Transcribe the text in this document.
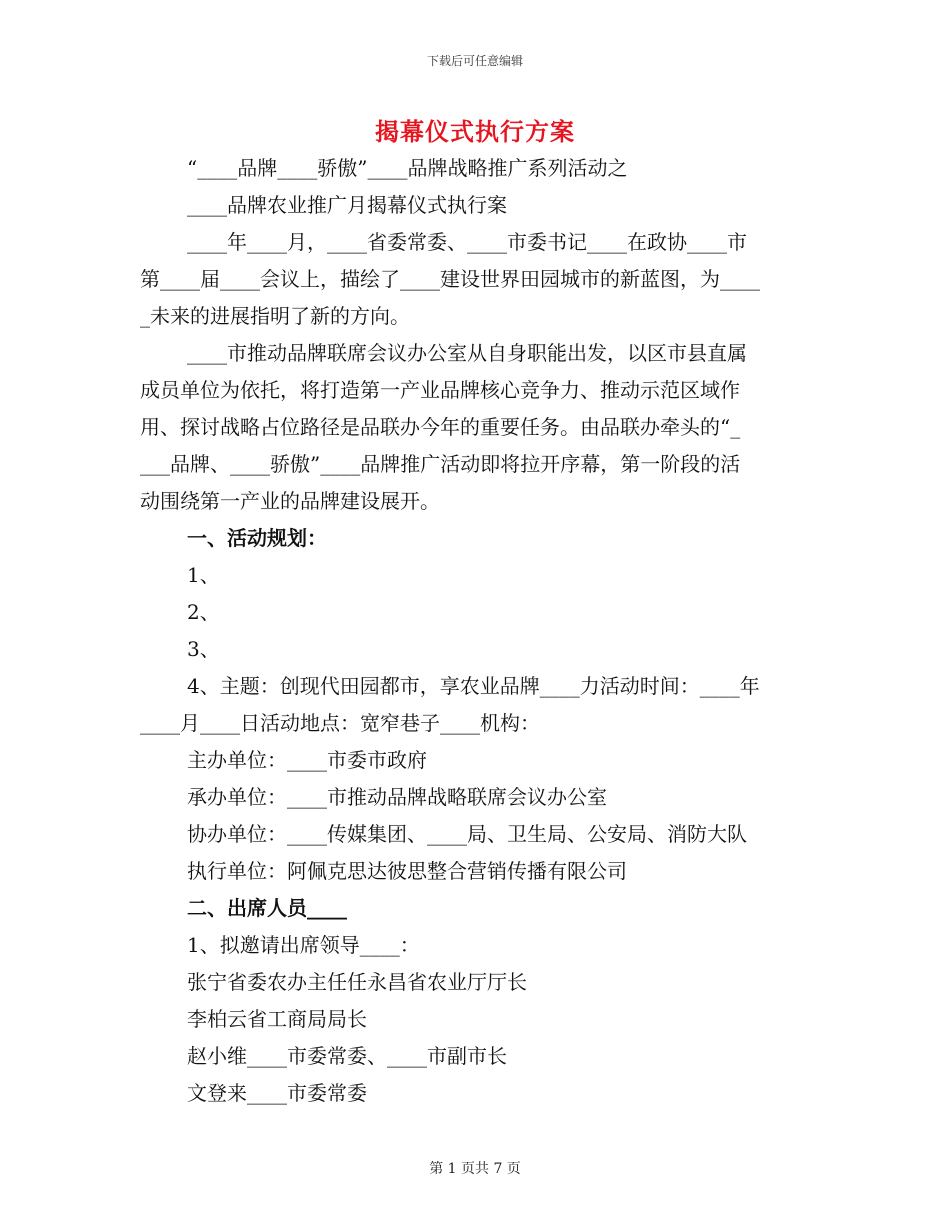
下载后可任意编辑
揭幕仪式执行方案
“____品牌____骄傲”____品牌战略推广系列活动之
____品牌农业推广月揭幕仪式执行案
____年____月，____省委常委、____市委书记____在政协____市
第____届____会议上，描绘了____建设世界田园城市的新蓝图，为____
_未来的进展指明了新的方向。
____市推动品牌联席会议办公室从自身职能出发，以区市县直属
成员单位为依托，将打造第一产业品牌核心竞争力、推动示范区域作
用、探讨战略占位路径是品联办今年的重要任务。由品联办牵头的“_
___品牌、____骄傲”____品牌推广活动即将拉开序幕，第一阶段的活
动围绕第一产业的品牌建设展开。
一、活动规划：
1、
2、
3、
4、主题：创现代田园都市，享农业品牌____力活动时间：____年
____月____日活动地点：宽窄巷子____机构：
主办单位：____市委市政府
承办单位：____市推动品牌战略联席会议办公室
协办单位：____传媒集团、____局、卫生局、公安局、消防大队
执行单位：阿佩克思达彼思整合营销传播有限公司
二、出席人员____
1、拟邀请出席领导____：
张宁省委农办主任任永昌省农业厅厅长
李柏云省工商局局长
赵小维____市委常委、____市副市长
文登来____市委常委
第 1 页共 7 页
